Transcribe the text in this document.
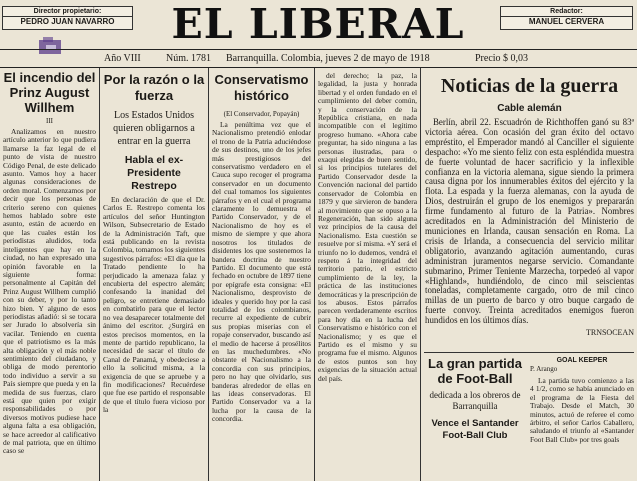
Director propietario:
PEDRO JUAN NAVARRO
Redactor:
MANUEL CERVERA
EL LIBERAL
Año VIII	Núm. 1781 Barranquilla. Colombia, jueves 2 de mayo de 1918	Precio $ 0,03
El incendio del Prinz August Willhem
III

Analizamos en nuestro artículo anterior lo que pudiera llamarse la faz legal de el punto de vista de nuestro Código Penal, de este delicado asunto. Vamos hoy a hacer algunas consideraciones de orden moral. Comenzamos por decir que los personas de criterio sereno con quienes hemos hablado sobre este asunto, están de acuerdo en que las cuales están los periodistas aludidos, toda inteligentes que hay en la ciudad, no han expresado una opinión favorable en la siguiente forma: personalmente al Capitán del Prinz August Willhem cumplió con su deber, y por lo tanto hizo bien. Y alguno de esos periodistas añadió: si se tocara ser Jurado lo absolvería sin vacilar. Teniendo en cuenta que el patriotismo es la más alta obligación y el más noble sentimiento del ciudadano, y obliga de modo perentorio todo individuo a servir a su País siempre que pueda y en la medida de sus fuerzas, claro está que quien por exigir responsabilidades o por diversos motivos pudiese hace alguna falta a esa obligación, se hace acreedor al calificativo de mal patriota, que en último caso se

Por la razón o la fuerza
Los Estados Unidos quieren obligarnos a entrar en la guerra
Habla el ex-Presidente Restrepo

En declaración de que el Dr. Carlos E. Restrepo comenta los artículos del señor Huntington Wilson, Subsecretario de Estado de la Administración Taft, que está publicando en la revista Colombia, tomamos los siguientes sugestivos párrafos: «El día que la Tratado pendiente lo ha perjudicado la amenaza falaz y encubierta del espectro alemán; confesando la inanidad del peligro, se entretiene demasiado en combatirlo para que el lector no vea desaparecer totalmente del ánimo del escritor. ¿Surgirá en estos precisos momentos, en la mente de partido republicano, la necesidad de sacar el título de Canal de Panamá, y obedeciese a ello la solicitud misma, a la exigencia de que se apruebe y a fin modificaciones? Recuérdese que fue ese partido el responsable de que el título fuera vicioso por la

Conservatismo histórico
(El Conservador, Popayán)

La penúltima vez que el Nacionalismo pretendió enlodar el trono de la Patria aduciéndose de sus destinos, uno de los jefes más prestigiosos del conservatismo verdadero en el Cauca supo recoger el programa conservador en un documento del cual tomamos los siguientes párrafos y en el cual el programa claramente lo demuestra el Partido Conservador, y de el Nacionalismo de hoy es el mismo de siempre y que ahora nosotros los titulados de disidentes los que sostenemos la bandera doctrina de nuestro Partido. El documento que está fechado en octubre de 1897 tiene por epígrafe esta consigna: «El Nacionalismo, desprovisto de ideales y querido hoy por la casi totalidad de los colombianos, recurre al expediente de cubrir sus propias miserias con el ropaje conservador, buscando así el medio de hacerse á prosélitos en las muchedumbres. «No obstante el Nacionalismo a la concordia con sus principios, pero no hay que olvidarlo, sus banderas alrededor de ellas en las ideas conservadoras. El Partido Conservador va a la lucha por la causa de la concordia.

del derecho; la paz, la legalidad, la justa y honrada libertad y el orden fundado en el cumplimiento del deber común, y la conservación de la República cristiana, en nada incompatible con el legítimo progreso humano. «Ahora cabe preguntar, ha sido ninguna a las personas ilustradas, para o exaqui elegidas de buen sentido, si los principios tutelares del Partido Conservador desde la Convención nacional del partido conservador de Colombia en 1879 y que sirvieron de bandera al movimiento que se opuso a la Regeneración, han sido alguna vez principios de la causa del Nacionalismo. Esta cuestión se resuelve por sí misma. «Y será el triunfo no lo dudemos, vendrá el respeto á la integridad del territorio patrio, el estricto cumplimiento de la ley, la práctica de las instituciones democráticas y la prescripción de los abusos. Estos párrafos parecen verdaderamente escritos para hoy día en la lucha del Conservatismo e histórico con el Nacionalismo; y es que el Partido es el mismo y su programa fue el mismo. Algunos de estos puntos son hoy exigencias de la situación actual del país.

Noticias de la guerra
Cable alemán

Berlín, abril 22. Escuadrón de Richthoffen ganó su 83ª victoria aérea. Con ocasión del gran éxito del octavo empréstito, el Emperador mandó al Canciller el siguiente despacho: «Yo me siento feliz con esta espléndida muestra de fuerte voluntad de hacer sacrificio y la inflexible confianza en la victoria alemana, sigue siendo la primera causa digna por los innumerables éxitos del ejército y la flota. La espada y la fuerza alemanas, con la ayuda de Dios, destruirán el grupo de los enemigos y prepararán firme fundamento al futuro de la Patria». Nombres acreditados en la Administración del Ministerio de municiones en Irlanda, causan sensación en Roma. La crisis de Irlanda, a consecuencia del servicio militar obligatorio, avanzando agitación aumentando, curas administran juramentos negarse servicio. Comandante submarino, Primer Teniente Marzecha, torpedeó al vapor «Highland», hundiéndolo, de cinco mil seiscientas toneladas, completamente cargado, otro de mil cinco millas de un puerto de barco y otro buque cargado de fuerte convoy. Treinta acreditados enemigos fueron hundidos en los últimos días.

TRNSOCEAN
La gran partida de Foot-Ball
dedicada a los obreros de Barranquilla
Vence el Santander Foot-Ball Club
GOAL KEEPER
P. Arango

La partida tuvo comienzo a las 4 1/2, como se había anunciado en el programa de la Fiesta del Trabajo. Desde el Match, 30 minutos, actuó de referee el como árbitro, el señor Carlos Caballero, saludando el triunfo al «Santander Foot Ball Club» por tres goals
